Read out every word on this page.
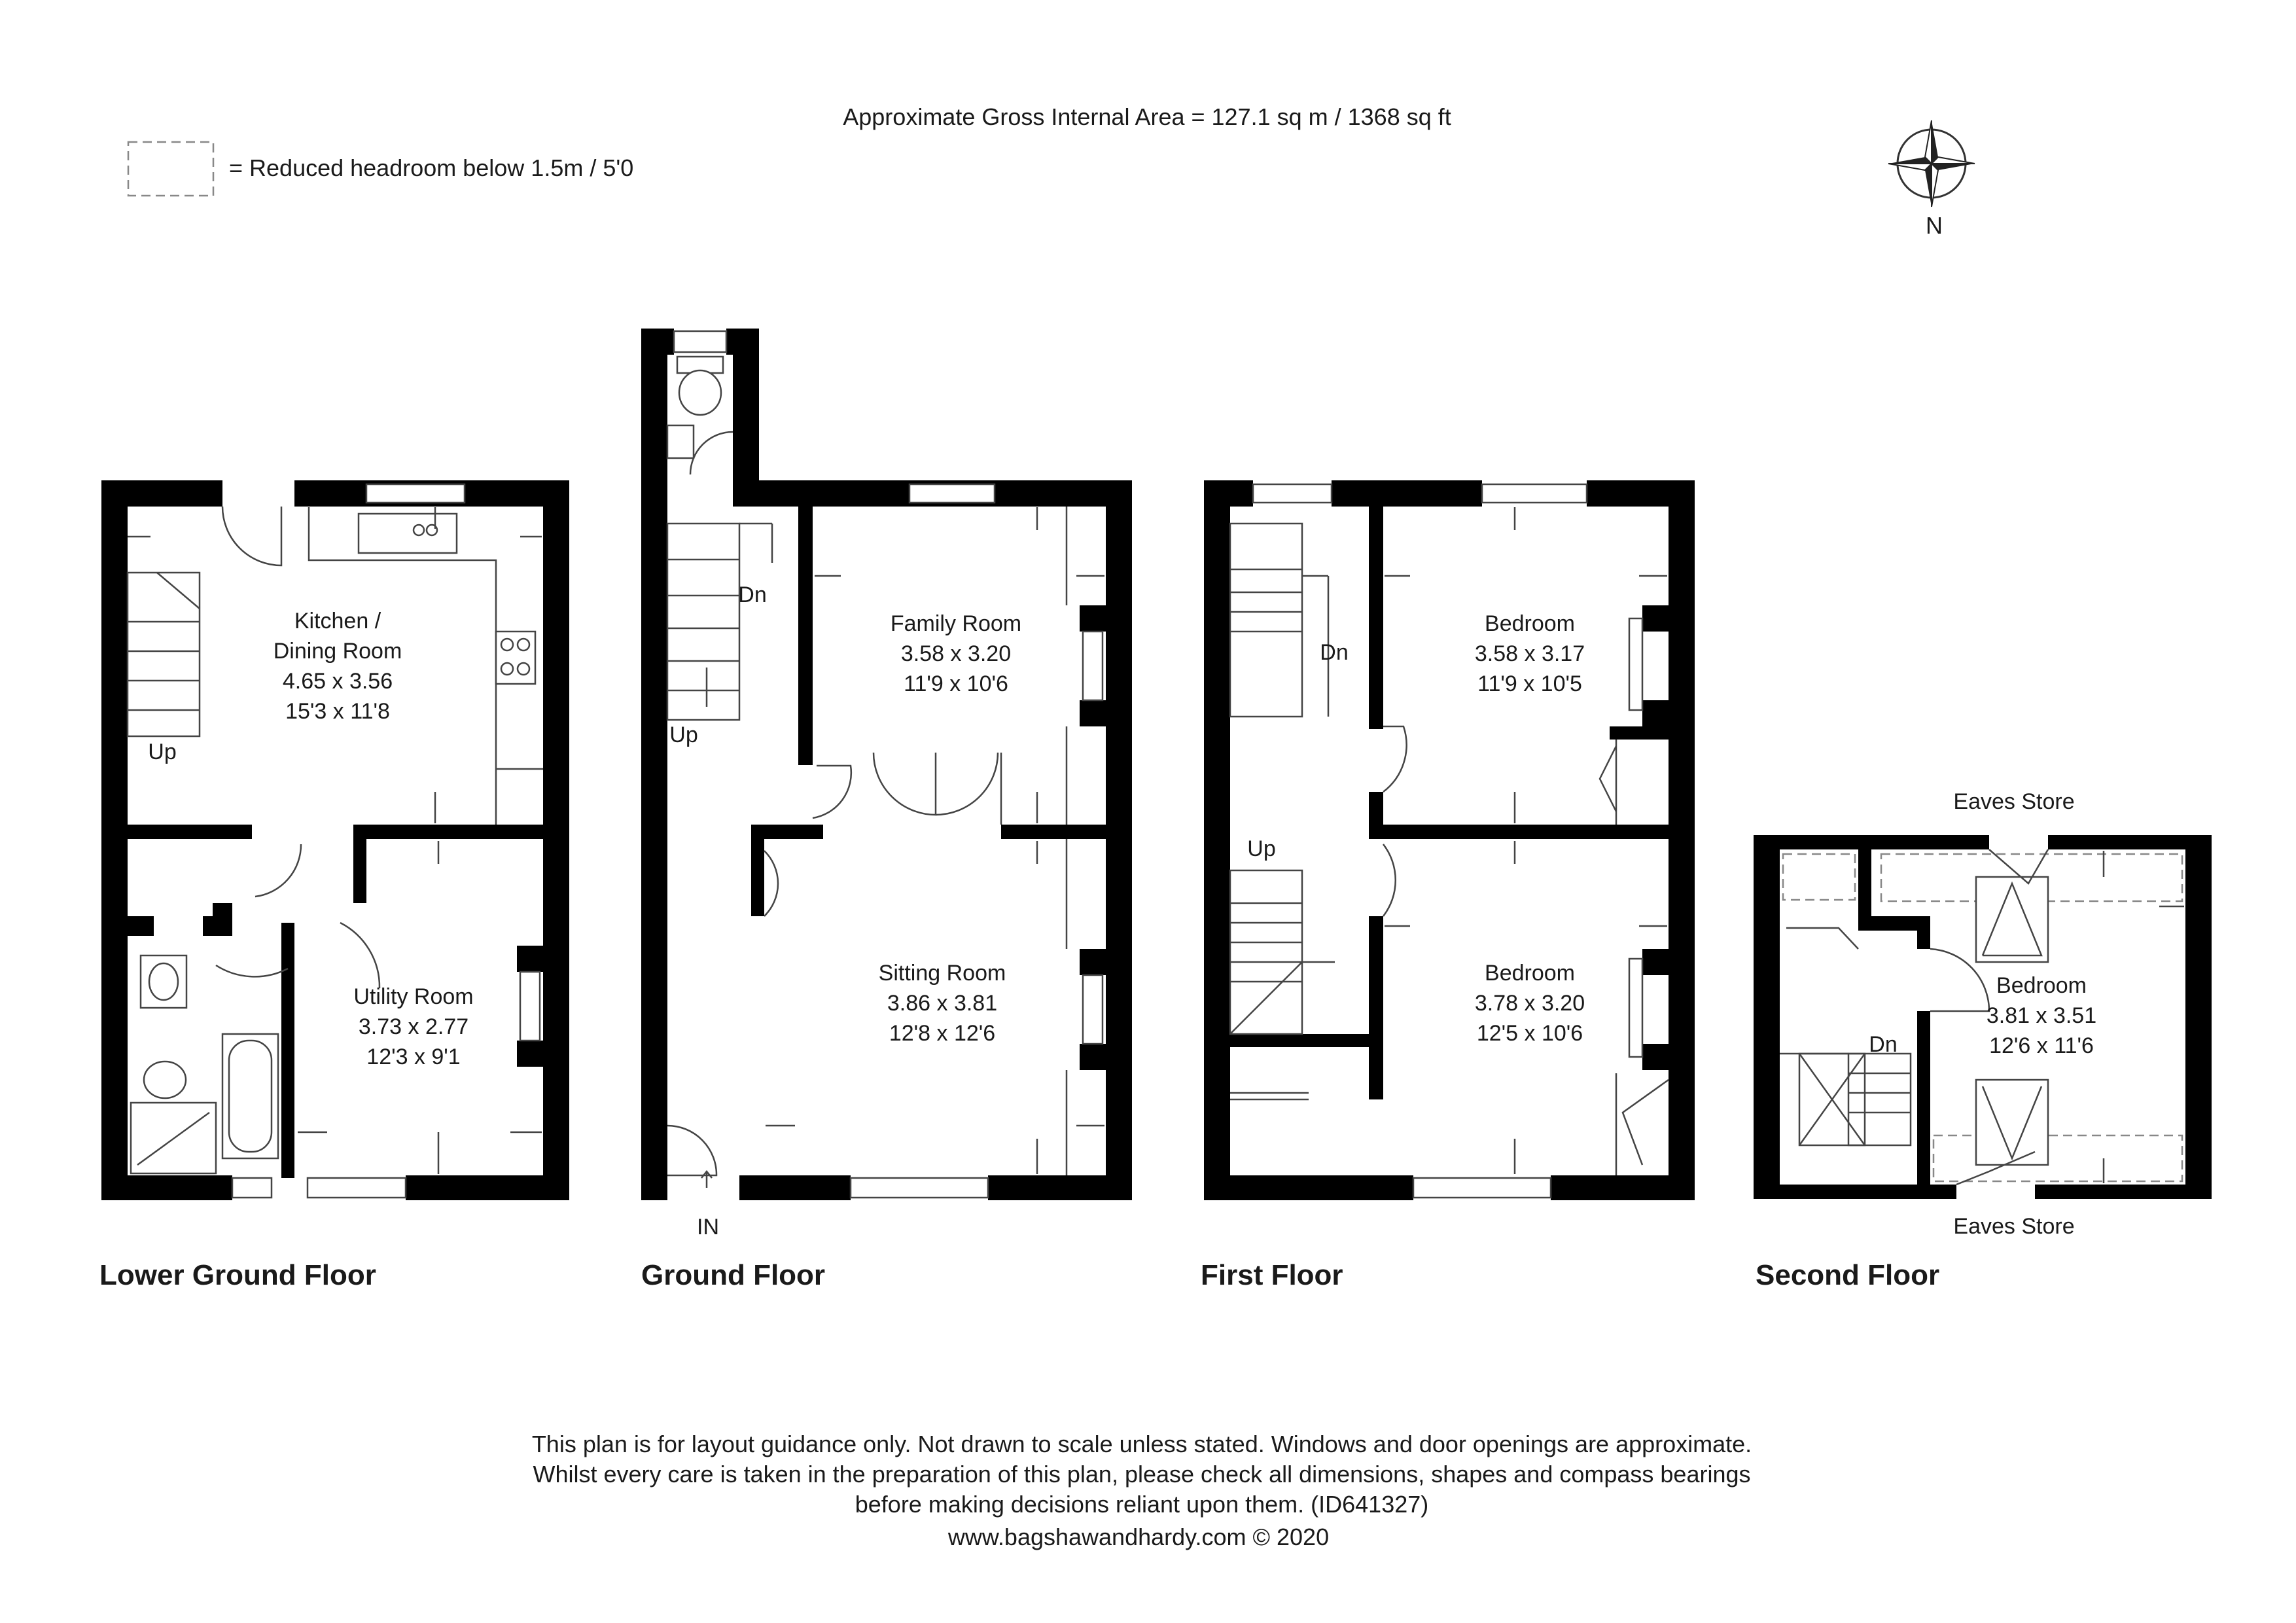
Approximate Gross Internal Area = 127.1 sq m / 1368 sq ft
= Reduced headroom below 1.5m / 5'0
N
Kitchen /
Dining Room
4.65 x 3.56
15'3 x 11'8
Up
Utility Room
3.73 x 2.77
12'3 x 9'1
Lower Ground Floor
Up
Dn
Family Room
3.58 x 3.20
11'9 x 10'6
Sitting Room
3.86 x 3.81
12'8 x 12'6
IN
Ground Floor
Dn
Up
Bedroom
3.58 x 3.17
11'9 x 10'5
Bedroom
3.78 x 3.20
12'5 x 10'6
First Floor
Dn
Bedroom
3.81 x 3.51
12'6 x 11'6
Eaves Store
Eaves Store
Second Floor
This plan is for layout guidance only. Not drawn to scale unless stated. Windows and door openings are approximate.
Whilst every care is taken in the preparation of this plan, please check all dimensions, shapes and compass bearings
before making decisions reliant upon them. (ID641327)
www.bagshawandhardy.com © 2020
